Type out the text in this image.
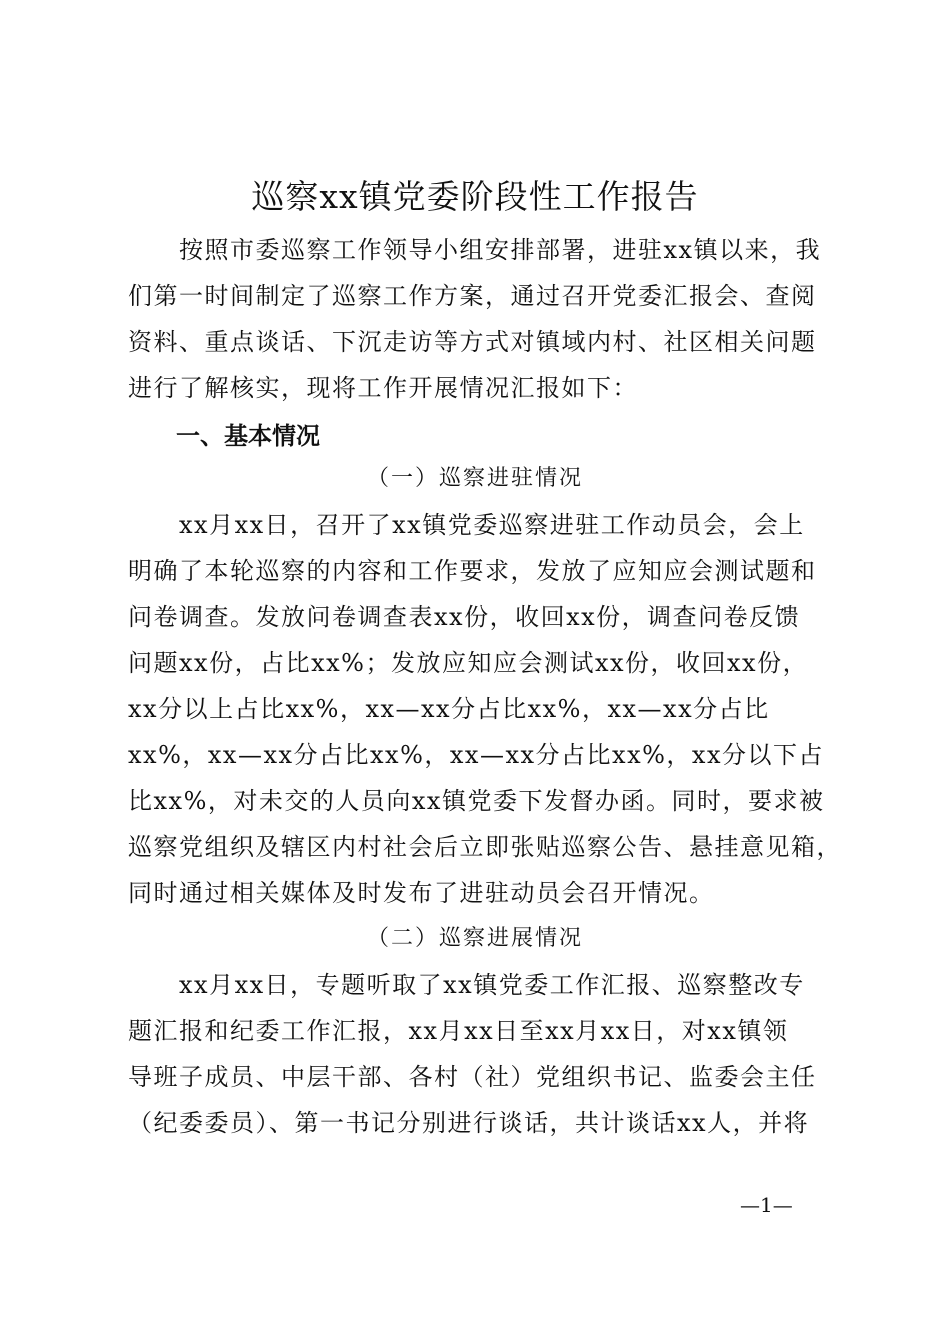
巡察xx镇党委阶段性工作报告
　　按照市委巡察工作领导小组安排部署，进驻xx镇以来，我
们第一时间制定了巡察工作方案，通过召开党委汇报会、查阅
资料、重点谈话、下沉走访等方式对镇域内村、社区相关问题
进行了解核实，现将工作开展情况汇报如下：
一、基本情况
（一）巡察进驻情况
　　xx月xx日，召开了xx镇党委巡察进驻工作动员会，会上
明确了本轮巡察的内容和工作要求，发放了应知应会测试题和
问卷调查。发放问卷调查表xx份，收回xx份，调查问卷反馈
问题xx份，占比xx%；发放应知应会测试xx份，收回xx份，
xx分以上占比xx%，xx—xx分占比xx%，xx—xx分占比
xx%，xx—xx分占比xx%，xx—xx分占比xx%，xx分以下占
比xx%，对未交的人员向xx镇党委下发督办函。同时，要求被
巡察党组织及辖区内村社会后立即张贴巡察公告、悬挂意见箱，
同时通过相关媒体及时发布了进驻动员会召开情况。
（二）巡察进展情况
　　xx月xx日，专题听取了xx镇党委工作汇报、巡察整改专
题汇报和纪委工作汇报，xx月xx日至xx月xx日，对xx镇领
导班子成员、中层干部、各村（社）党组织书记、监委会主任
（纪委委员）、第一书记分别进行谈话，共计谈话xx人，并将
—1—
